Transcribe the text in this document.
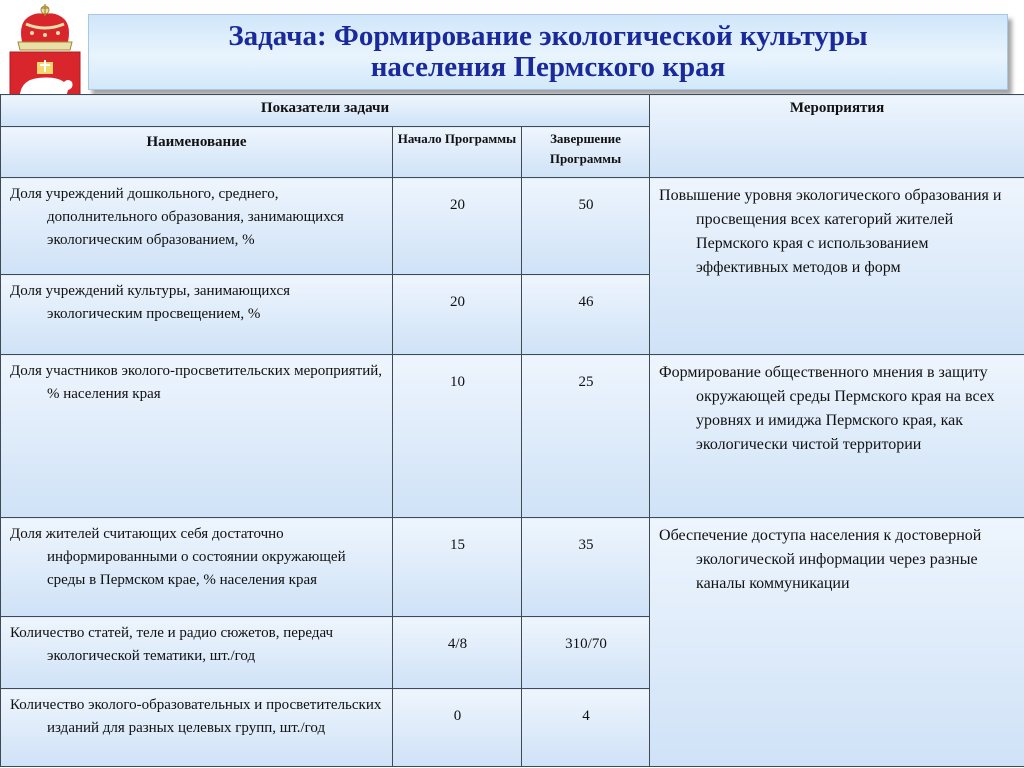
Задача: Формирование экологической культуры
населения Пермского края
Показатели задачи			Мероприятия
Наименование	Начало Программы	Завершение Программы	

Доля учреждений дошкольного, среднего, дополнительного образования, занимающихся экологическим образованием, %	20	50	Повышение уровня экологического образования и просвещения всех категорий жителей Пермского края с использованием эффективных методов и форм

Доля учреждений культуры, занимающихся экологическим просвещением, %	20	46	

Доля участников эколого-просветительских мероприятий, % населения края	10	25	Формирование общественного мнения в защиту окружающей среды Пермского края на всех уровнях и имиджа Пермского края, как экологически чистой территории

Доля жителей считающих себя достаточно информированными о состоянии окружающей среды в Пермском крае, % населения края	15	35	Обеспечение доступа населения к достоверной экологической информации через разные каналы коммуникации

Количество статей, теле и радио сюжетов, передач экологической тематики, шт./год	4/8	310/70	

Количество эколого-образовательных и просветительских изданий для разных целевых групп, шт./год	0	4	
